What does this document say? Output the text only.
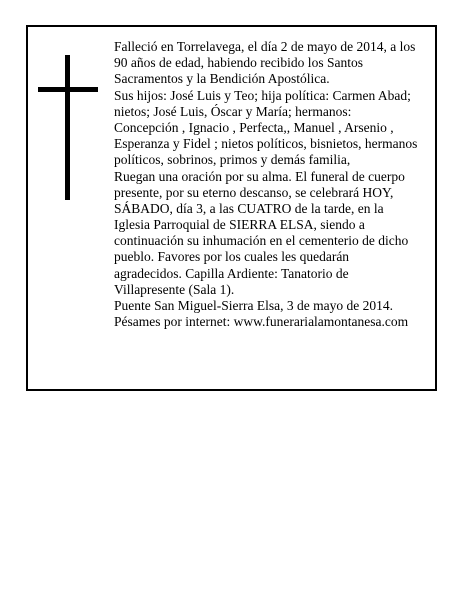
Falleció en Torrelavega, el día 2 de mayo de 2014, a los
90 años de edad, habiendo recibido los Santos
Sacramentos y la Bendición Apostólica.
Sus hijos: José Luis y Teo; hija política: Carmen Abad;
nietos; José Luis, Óscar y María; hermanos:
Concepción , Ignacio , Perfecta,, Manuel , Arsenio ,
Esperanza y Fidel ; nietos políticos, bisnietos, hermanos
políticos, sobrinos, primos y demás familia,
Ruegan una oración por su alma. El funeral de cuerpo
presente, por su eterno descanso, se celebrará HOY,
SÁBADO, día 3, a las CUATRO de la tarde, en la
Iglesia Parroquial de SIERRA ELSA, siendo a
continuación su inhumación en el cementerio de dicho
pueblo. Favores por los cuales les quedarán
agradecidos. Capilla Ardiente: Tanatorio de
Villapresente (Sala 1).
Puente San Miguel-Sierra Elsa, 3 de mayo de 2014.
Pésames por internet: www.funerarialamontanesa.com
